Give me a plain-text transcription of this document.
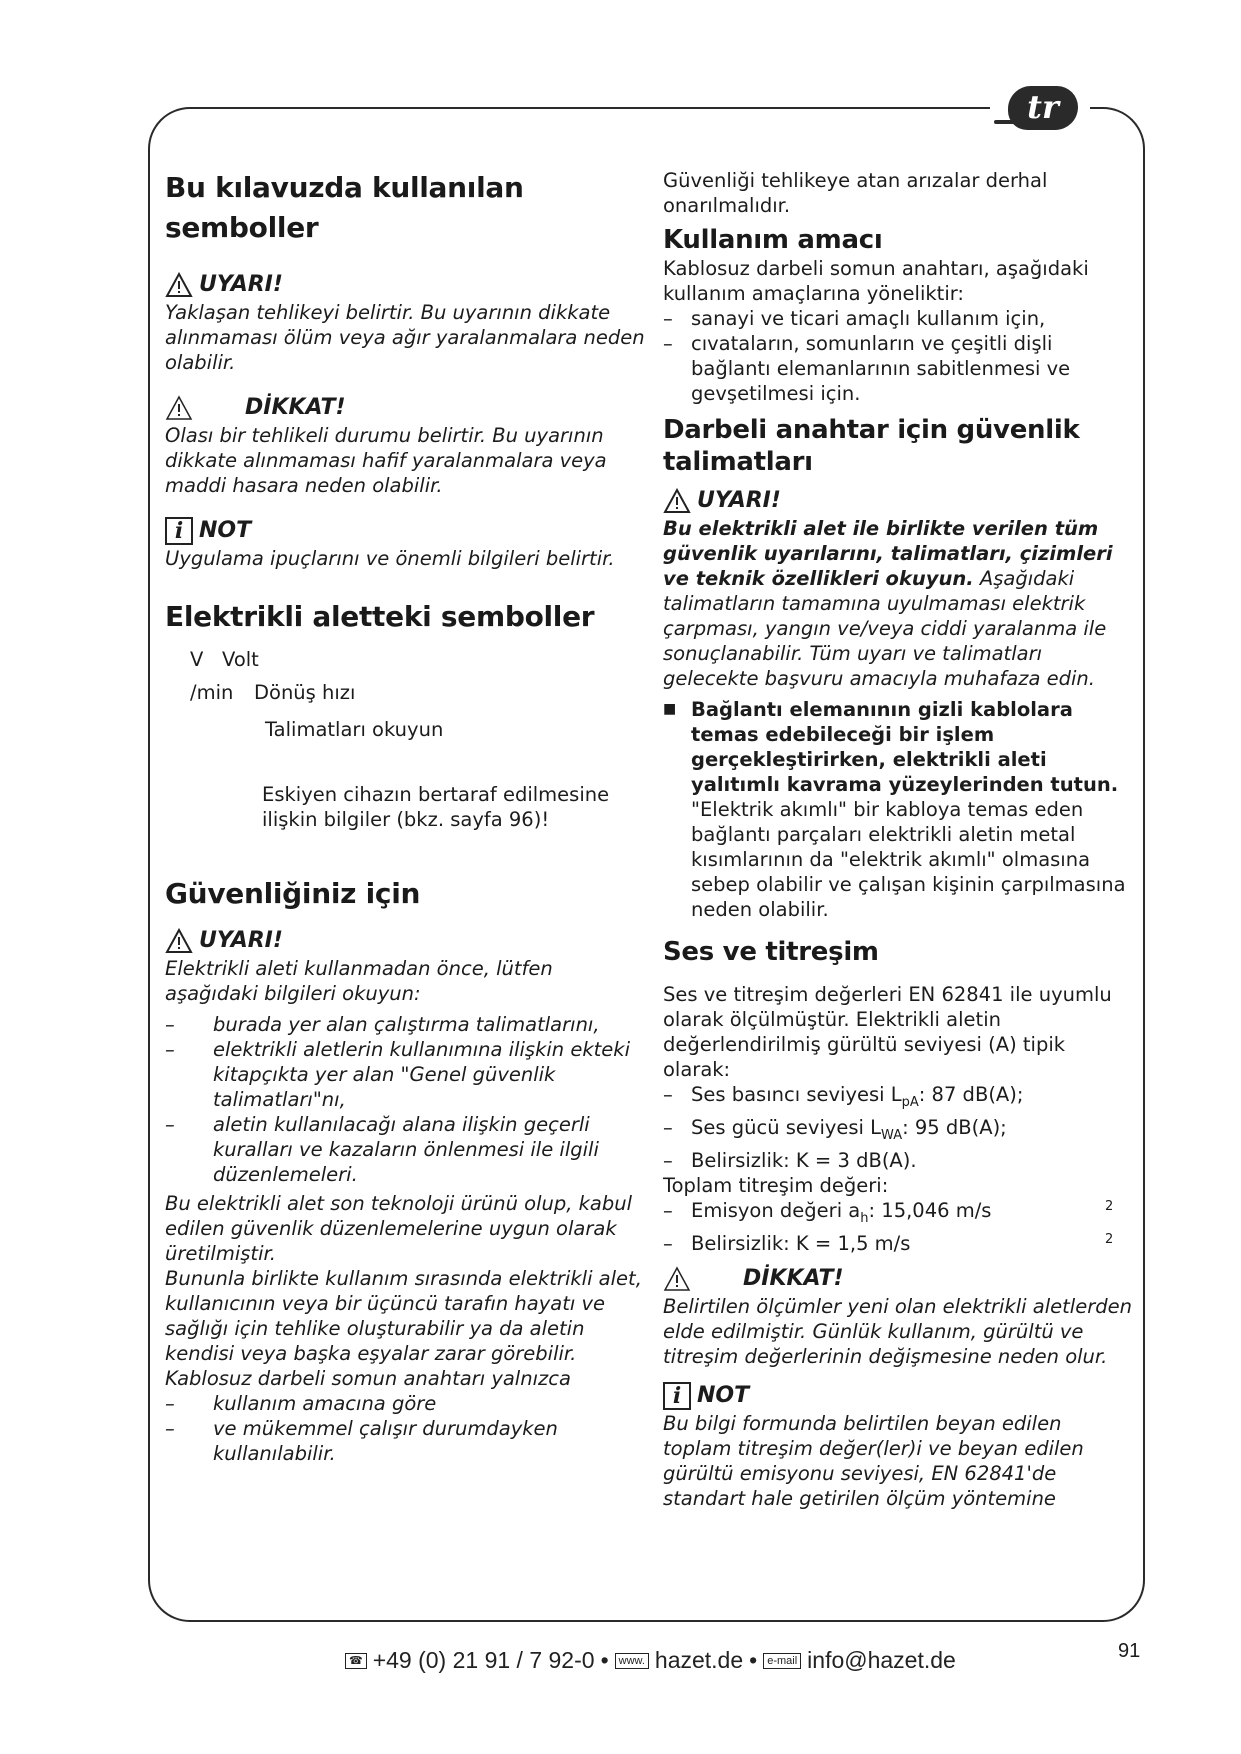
tr
Bu kılavuzda kullanılan semboller
UYARI!

Yaklaşan tehlikeyi belirtir. Bu uyarının dikkate alınmaması ölüm veya ağır yaralanmalara neden olabilir.

DİKKAT!

Olası bir tehlikeli durumu belirtir. Bu uyarının dikkate alınmaması hafif yaralanmalara veya maddi hasara neden olabilir.

i NOT

Uygulama ipuçlarını ve önemli bilgileri belirtir.

Elektrikli aletteki semboller
V Volt
/min	Dönüş hızı

Talimatları okuyun

Eskiyen cihazın bertaraf edilmesine ilişkin bilgiler (bkz. sayfa 96)!

Güvenliğiniz için
UYARI!

Elektrikli aleti kullanmadan önce, lütfen aşağıdaki bilgileri okuyun:

–	burada yer alan çalıştırma talimatlarını,
–	elektrikli aletlerin kullanımına ilişkin ekteki kitapçıkta yer alan "Genel güvenlik talimatları"nı,
–	aletin kullanılacağı alana ilişkin geçerli kuralları ve kazaların önlenmesi ile ilgili düzenlemeleri.

Bu elektrikli alet son teknoloji ürünü olup, kabul edilen güvenlik düzenlemelerine uygun olarak üretilmiştir.

Bununla birlikte kullanım sırasında elektrikli alet, kullanıcının veya bir üçüncü tarafın hayatı ve sağlığı için tehlike oluşturabilir ya da aletin kendisi veya başka eşyalar zarar görebilir.

Kablosuz darbeli somun anahtarı yalnızca

–	kullanım amacına göre
–	ve mükemmel çalışır durumdayken kullanılabilir.

Güvenliği tehlikeye atan arızalar derhal onarılmalıdır.

Kullanım amacı

Kablosuz darbeli somun anahtarı, aşağıdaki kullanım amaçlarına yöneliktir:

– sanayi ve ticari amaçlı kullanım için,
– cıvataların, somunların ve çeşitli dişli bağlantı elemanlarının sabitlenmesi ve gevşetilmesi için.
Darbeli anahtar için güvenlik talimatları
UYARI!

Bu elektrikli alet ile birlikte verilen tüm güvenlik uyarılarını, talimatları, çizimleri ve teknik özellikleri okuyun. Aşağıdaki talimatların tamamına uyulmaması elektrik çarpması, yangın ve/veya ciddi yaralanma ile sonuçlanabilir. Tüm uyarı ve talimatları gelecekte başvuru amacıyla muhafaza edin.

■ Bağlantı elemanının gizli kablolara temas edebileceği bir işlem gerçekleştirirken, elektrikli aleti yalıtımlı kavrama yüzeylerinden tutun. "Elektrik akımlı" bir kabloya temas eden bağlantı parçaları elektrikli aletin metal kısımlarının da "elektrik akımlı" olmasına sebep olabilir ve çalışan kişinin çarpılmasına neden olabilir.

Ses ve titreşim

Ses ve titreşim değerleri EN 62841 ile uyumlu olarak ölçülmüştür. Elektrikli aletin değerlendirilmiş gürültü seviyesi (A) tipik olarak:

– Ses basıncı seviyesi $L_{pA}$: 87 dB(A);
– Ses gücü seviyesi $L_{WA}$: 95 dB(A);
– Belirsizlik: K = 3 dB(A).

Toplam titreşim değeri:

– Emisyon değeri $a_h$: 15,046 m/s	2
– Belirsizlik: K = 1,5 m/s	2
DİKKAT!

Belirtilen ölçümler yeni olan elektrikli aletlerden elde edilmiştir. Günlük kullanım, gürültü ve titreşim değerlerinin değişmesine neden olur.

i NOT

Bu bilgi formunda belirtilen beyan edilen toplam titreşim değer(ler)i ve beyan edilen gürültü emisyonu seviyesi, EN 62841'de standart hale getirilen ölçüm yöntemine

☎ +49 (0) 21 91 / 7 92-0 • www. hazet.de • e-mail info@hazet.de	91
